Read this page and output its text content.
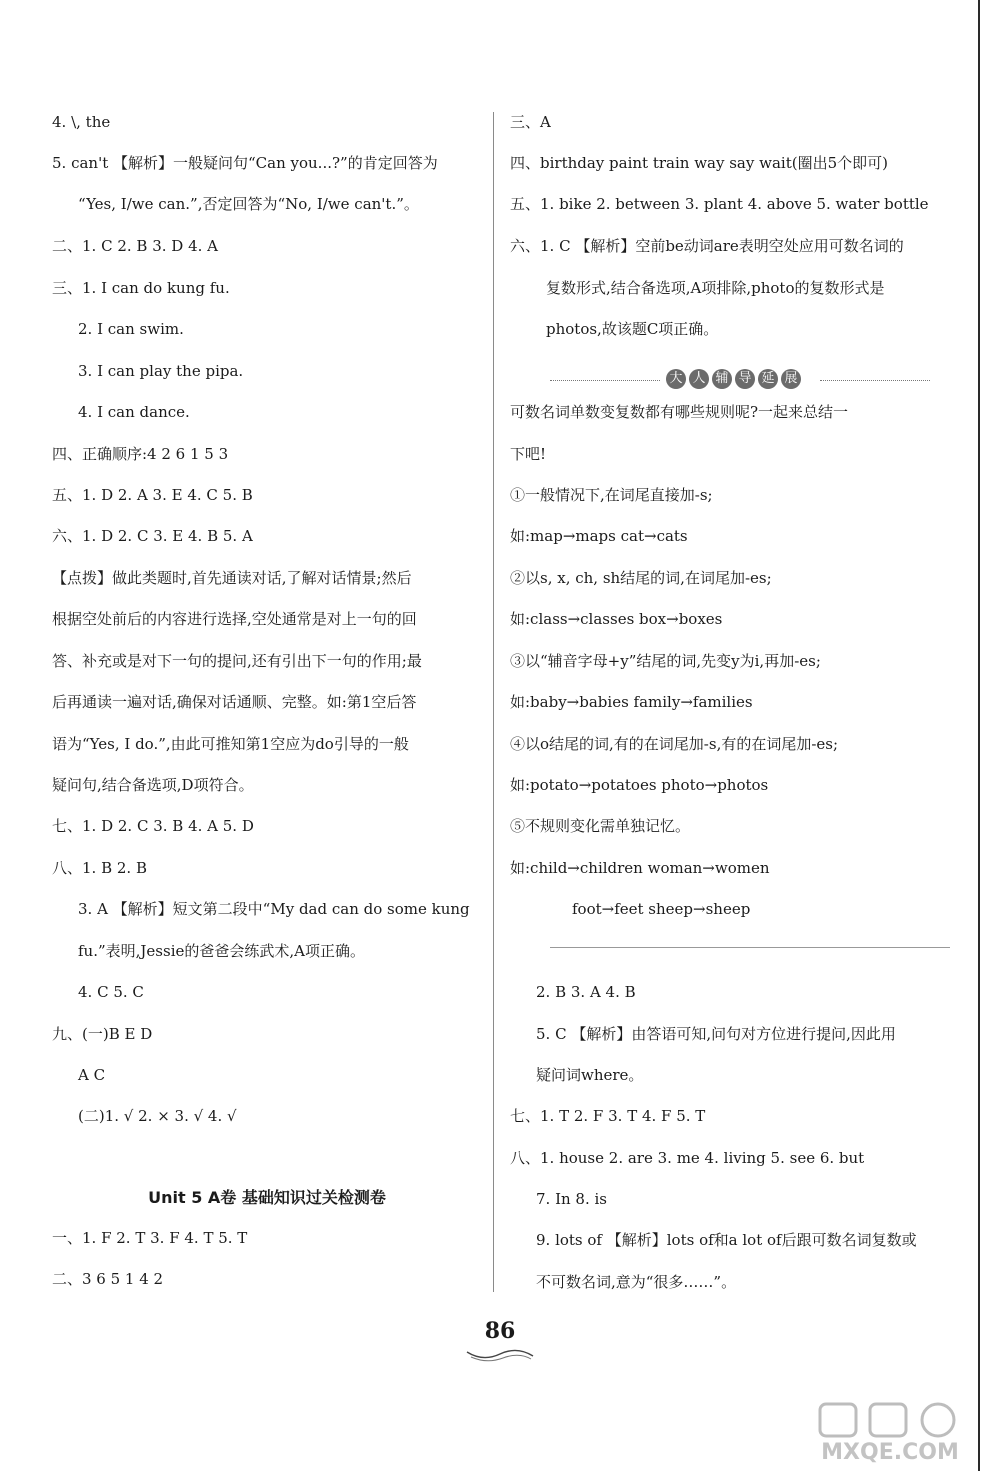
4. \, the
5. can't 【解析】一般疑问句“Can you...?”的肯定回答为
“Yes, I/we can.”,否定回答为“No, I/we can't.”。
二、1. C 2. B 3. D 4. A
三、1. I can do kung fu.
2. I can swim.
3. I can play the pipa.
4. I can dance.
四、正确顺序:4 2 6 1 5 3
五、1. D 2. A 3. E 4. C 5. B
六、1. D 2. C 3. E 4. B 5. A
【点拨】做此类题时,首先通读对话,了解对话情景;然后
根据空处前后的内容进行选择,空处通常是对上一句的回
答、补充或是对下一句的提问,还有引出下一句的作用;最
后再通读一遍对话,确保对话通顺、完整。如:第1空后答
语为“Yes, I do.”,由此可推知第1空应为do引导的一般
疑问句,结合备选项,D项符合。
七、1. D 2. C 3. B 4. A 5. D
八、1. B 2. B
3. A 【解析】短文第二段中“My dad can do some kung
fu.”表明,Jessie的爸爸会练武术,A项正确。
4. C 5. C
九、(一)B E D
A C
(二)1. √ 2. × 3. √ 4. √
Unit 5 A卷 基础知识过关检测卷
一、1. F 2. T 3. F 4. T 5. T
二、3 6 5 1 4 2
三、A
四、birthday paint train way say wait(圈出5个即可)
五、1. bike 2. between 3. plant 4. above 5. water bottle
六、1. C 【解析】空前be动词are表明空处应用可数名词的
复数形式,结合备选项,A项排除,photo的复数形式是
photos,故该题C项正确。
大 人 辅 导 延 展
可数名词单数变复数都有哪些规则呢?一起来总结一
下吧!
①一般情况下,在词尾直接加-s;
如:map→maps cat→cats
②以s, x, ch, sh结尾的词,在词尾加-es;
如:class→classes box→boxes
③以“辅音字母+y”结尾的词,先变y为i,再加-es;
如:baby→babies family→families
④以o结尾的词,有的在词尾加-s,有的在词尾加-es;
如:potato→potatoes photo→photos
⑤不规则变化需单独记忆。
如:child→children woman→women
foot→feet sheep→sheep
2. B 3. A 4. B
5. C 【解析】由答语可知,问句对方位进行提问,因此用
疑问词where。
七、1. T 2. F 3. T 4. F 5. T
八、1. house 2. are 3. me 4. living 5. see 6. but
7. In 8. is
9. lots of 【解析】lots of和a lot of后跟可数名词复数或
不可数名词,意为“很多……”。
86
MXQE.COM
